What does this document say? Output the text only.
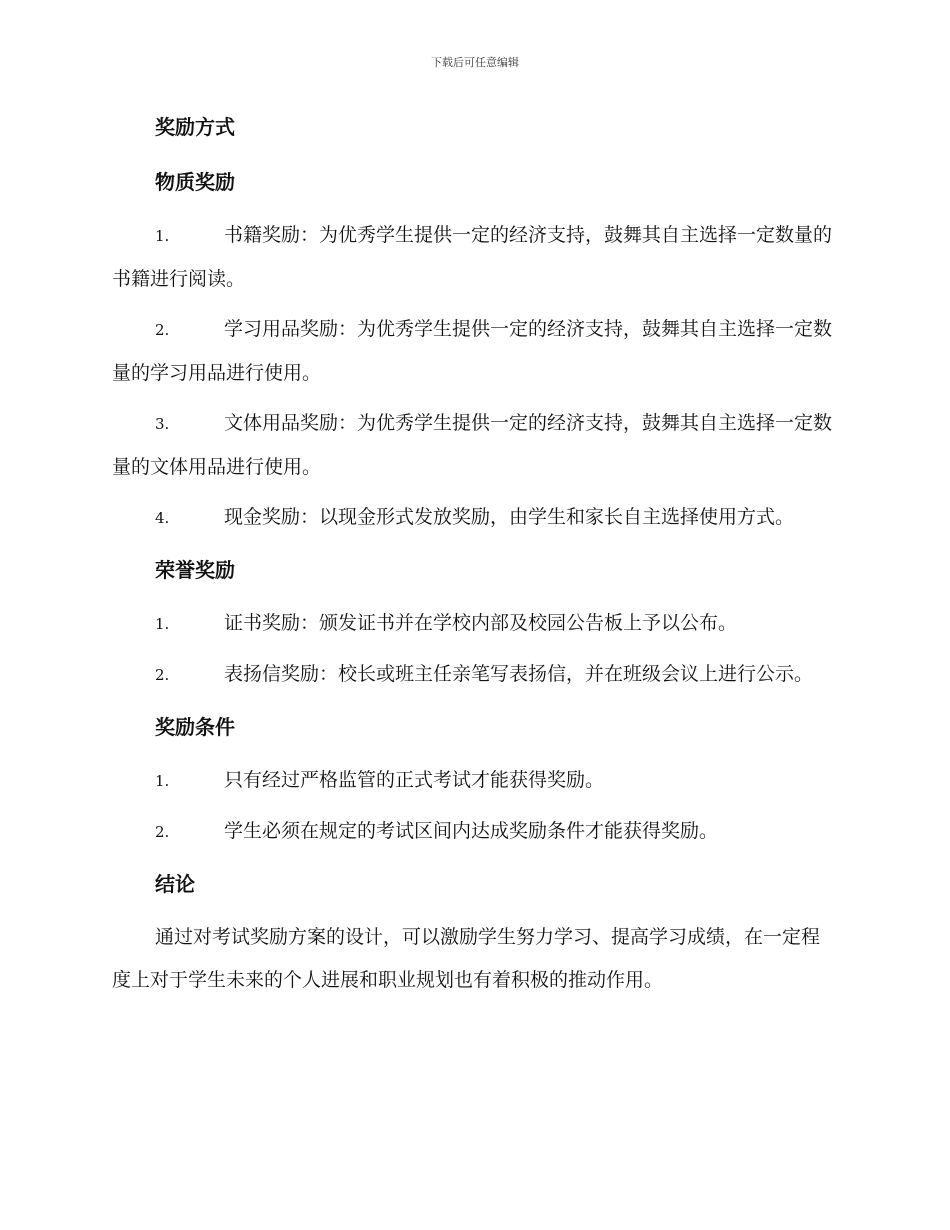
下载后可任意编辑
奖励方式
物质奖励
1.	书籍奖励：为优秀学生提供一定的经济支持，鼓舞其自主选择一定数量的书籍进行阅读。
2.	学习用品奖励：为优秀学生提供一定的经济支持，鼓舞其自主选择一定数量的学习用品进行使用。
3.	文体用品奖励：为优秀学生提供一定的经济支持，鼓舞其自主选择一定数量的文体用品进行使用。
4.	现金奖励：以现金形式发放奖励，由学生和家长自主选择使用方式。
荣誉奖励
1.	证书奖励：颁发证书并在学校内部及校园公告板上予以公布。
2.	表扬信奖励：校长或班主任亲笔写表扬信，并在班级会议上进行公示。
奖励条件
1.	只有经过严格监管的正式考试才能获得奖励。
2.	学生必须在规定的考试区间内达成奖励条件才能获得奖励。
结论

通过对考试奖励方案的设计，可以激励学生努力学习、提高学习成绩，在一定程度上对于学生未来的个人进展和职业规划也有着积极的推动作用。
